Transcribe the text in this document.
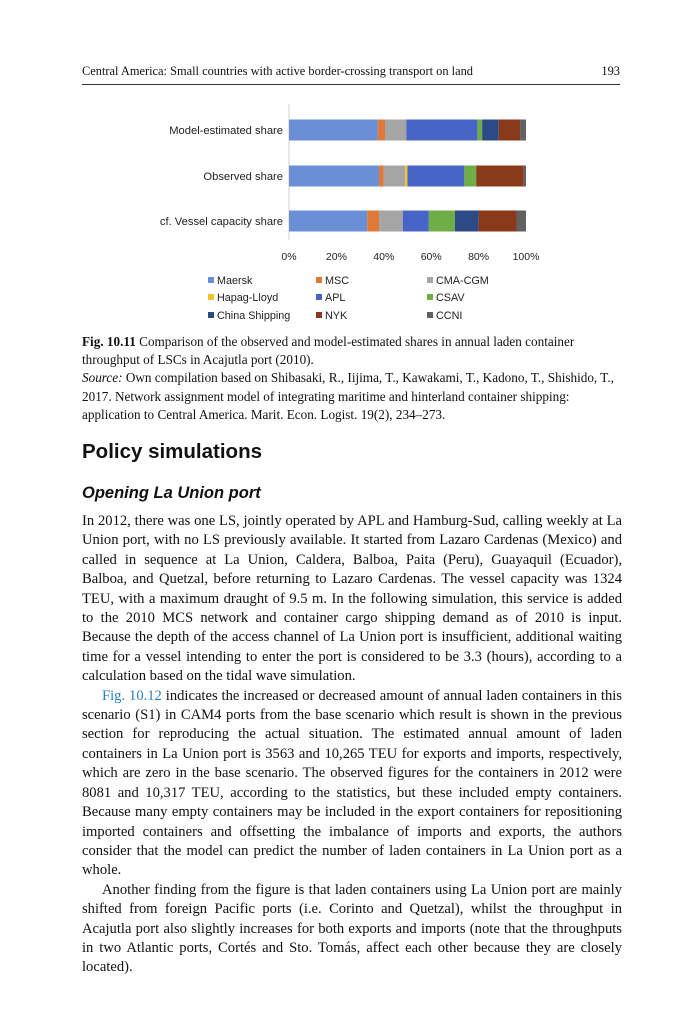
Central America: Small countries with active border-crossing transport on land	193
Model-estimated share
Observed share
cf. Vessel capacity share
0%	20%	40%	60%	80% 100%
Maersk	MSC	CMA-CGM
Hapag-Lloyd	APL	CSAV
China Shipping	NYK	CCNI

Fig. 10.11 Comparison of the observed and model-estimated shares in annual laden container throughput of LSCs in Acajutla port (2010).

Source: Own compilation based on Shibasaki, R., Iijima, T., Kawakami, T., Kadono, T., Shishido, T., 2017. Network assignment model of integrating maritime and hinterland container shipping: application to Central America. Marit. Econ. Logist. 19(2), 234–273.

Policy simulations
Opening La Union port

In 2012, there was one LS, jointly operated by APL and Hamburg-Sud, calling weekly at La Union port, with no LS previously available. It started from Lazaro Cardenas (Mexico) and called in sequence at La Union, Caldera, Balboa, Paita (Peru), Guayaquil (Ecuador), Balboa, and Quetzal, before returning to Lazaro Cardenas. The vessel capacity was 1324 TEU, with a maximum draught of 9.5 m. In the following simulation, this service is added to the 2010 MCS network and container cargo shipping demand as of 2010 is input. Because the depth of the access channel of La Union port is insufficient, additional waiting time for a vessel intending to enter the port is considered to be 3.3 (hours), according to a calculation based on the tidal wave simulation.

Fig. 10.12 indicates the increased or decreased amount of annual laden containers in this scenario (S1) in CAM4 ports from the base scenario which result is shown in the previous section for reproducing the actual situation. The estimated annual amount of laden containers in La Union port is 3563 and 10,265 TEU for exports and imports, respectively, which are zero in the base scenario. The observed figures for the containers in 2012 were 8081 and 10,317 TEU, according to the statistics, but these included empty containers. Because many empty containers may be included in the export containers for repositioning imported containers and offsetting the imbalance of imports and exports, the authors consider that the model can predict the number of laden containers in La Union port as a whole.

Another finding from the figure is that laden containers using La Union port are mainly shifted from foreign Pacific ports (i.e. Corinto and Quetzal), whilst the throughput in Acajutla port also slightly increases for both exports and imports (note that the throughputs in two Atlantic ports, Cortés and Sto. Tomás, affect each other because they are closely located).
